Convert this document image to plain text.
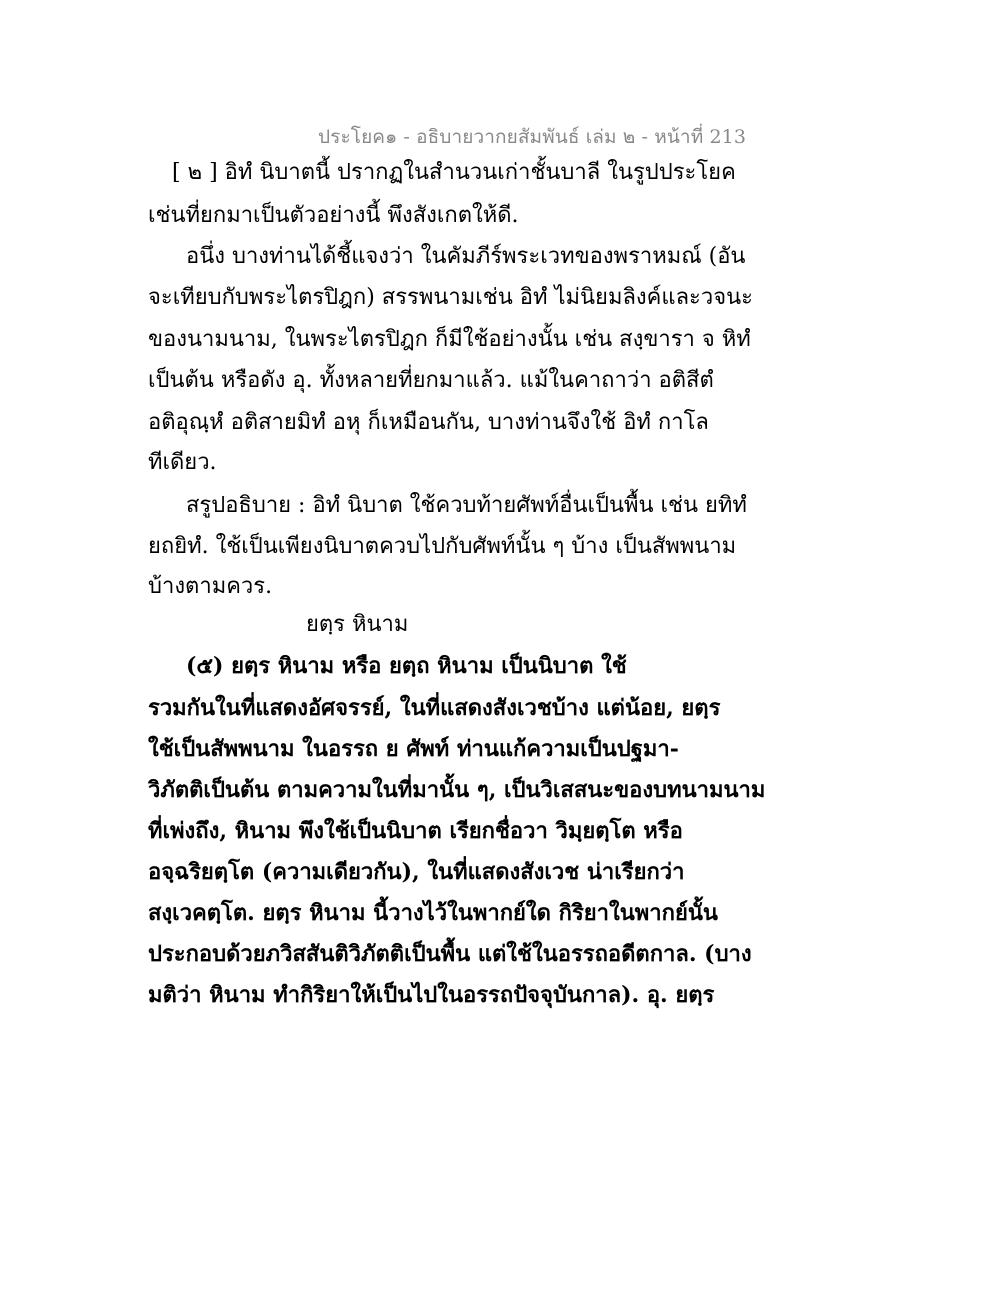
ประโยค๑ - อธิบายวากยสัมพันธ์ เล่ม ๒ - หน้าที่ 213
[ ๒ ] อิทํ นิบาตนี้ ปรากฏในสำนวนเก่าชั้นบาลี ในรูปประโยค
เช่นที่ยกมาเป็นตัวอย่างนี้ พึงสังเกตให้ดี.
อนึ่ง บางท่านได้ชี้แจงว่า ในคัมภีร์พระเวทของพราหมณ์ (อัน
จะเทียบกับพระไตรปิฎก) สรรพนามเช่น อิทํ ไม่นิยมลิงค์และวจนะ
ของนามนาม, ในพระไตรปิฎก ก็มีใช้อย่างนั้น เช่น สงฺขารา จ หิทํ
เป็นต้น หรือดัง อุ. ทั้งหลายที่ยกมาแล้ว. แม้ในคาถาว่า อติสีตํ
อติอุณฺหํ อติสายมิทํ อหุ ก็เหมือนกัน, บางท่านจึงใช้ อิทํ กาโล
ทีเดียว.
สรูปอธิบาย : อิทํ นิบาต ใช้ควบท้ายศัพท์อื่นเป็นพื้น เช่น ยทิทํ
ยถยิทํ. ใช้เป็นเพียงนิบาตควบไปกับศัพท์นั้น ๆ บ้าง เป็นสัพพนาม
บ้างตามควร.
ยตฺร หินาม
(๕) ยตฺร หินาม หรือ ยตฺถ หินาม เป็นนิบาต ใช้
รวมกันในที่แสดงอัศจรรย์, ในที่แสดงสังเวชบ้าง แต่น้อย, ยตฺร
ใช้เป็นสัพพนาม ในอรรถ ย ศัพท์ ท่านแก้ความเป็นปฐมา-
วิภัตติเป็นต้น ตามความในที่มานั้น ๆ, เป็นวิเสสนะของบทนามนาม
ที่เพ่งถึง, หินาม พึงใช้เป็นนิบาต เรียกชื่อวา วิมฺยตฺโต หรือ
อจฺฉริยตฺโต (ความเดียวกัน), ในที่แสดงสังเวช น่าเรียกว่า
สงฺเวคตฺโต. ยตฺร หินาม นี้วางไว้ในพากย์ใด กิริยาในพากย์นั้น
ประกอบด้วยภวิสสันติวิภัตติเป็นพื้น แต่ใช้ในอรรถอดีตกาล. (บาง
มติว่า หินาม ทำกิริยาให้เป็นไปในอรรถปัจจุบันกาล). อุ. ยตฺร
